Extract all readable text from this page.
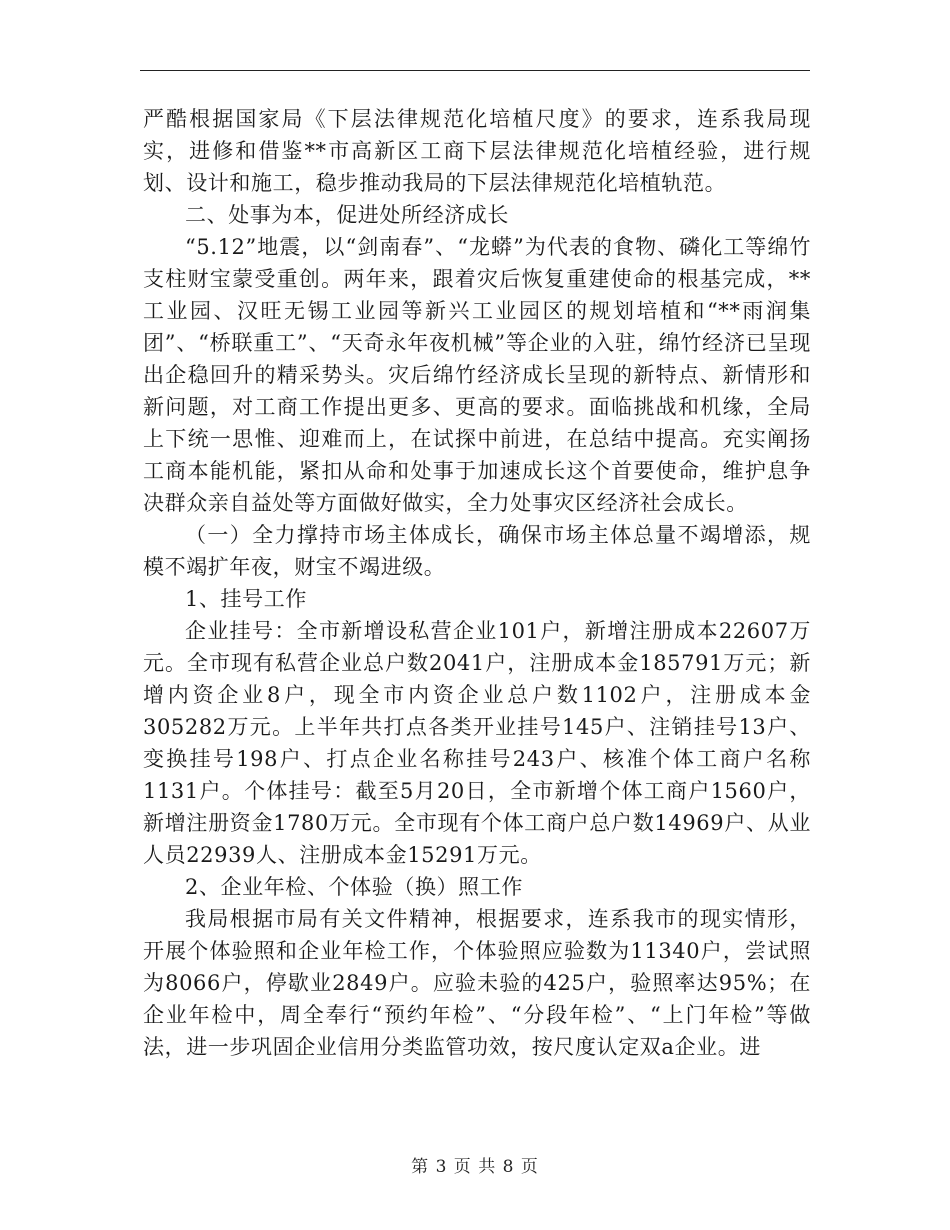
严酷根据国家局《下层法律规范化培植尺度》的要求，连系我局现实，进修和借鉴**市高新区工商下层法律规范化培植经验，进行规划、设计和施工，稳步推动我局的下层法律规范化培植轨范。

二、处事为本，促进处所经济成长

“5.12”地震，以“剑南春”、“龙蟒”为代表的食物、磷化工等绵竹支柱财宝蒙受重创。两年来，跟着灾后恢复重建使命的根基完成，**工业园、汉旺无锡工业园等新兴工业园区的规划培植和“**雨润集团”、“桥联重工”、“天奇永年夜机械”等企业的入驻，绵竹经济已呈现出企稳回升的精采势头。灾后绵竹经济成长呈现的新特点、新情形和新问题，对工商工作提出更多、更高的要求。面临挑战和机缘，全局上下统一思惟、迎难而上，在试探中前进，在总结中提高。充实阐扬工商本能机能，紧扣从命和处事于加速成长这个首要使命，维护息争决群众亲自益处等方面做好做实，全力处事灾区经济社会成长。

（一）全力撑持市场主体成长，确保市场主体总量不竭增添，规模不竭扩年夜，财宝不竭进级。

1、挂号工作

企业挂号：全市新增设私营企业101户，新增注册成本22607万元。全市现有私营企业总户数2041户，注册成本金185791万元；新增内资企业8户，现全市内资企业总户数1102户，注册成本金305282万元。上半年共打点各类开业挂号145户、注销挂号13户、变换挂号198户、打点企业名称挂号243户、核准个体工商户名称1131户。个体挂号：截至5月20日，全市新增个体工商户1560户，新增注册资金1780万元。全市现有个体工商户总户数14969户、从业人员22939人、注册成本金15291万元。

2、企业年检、个体验（换）照工作

我局根据市局有关文件精神，根据要求，连系我市的现实情形，开展个体验照和企业年检工作，个体验照应验数为11340户，尝试照为8066户，停歇业2849户。应验未验的425户，验照率达95%；在企业年检中，周全奉行“预约年检”、“分段年检”、“上门年检”等做法，进一步巩固企业信用分类监管功效，按尺度认定双a企业。进

第 3 页 共 8 页
